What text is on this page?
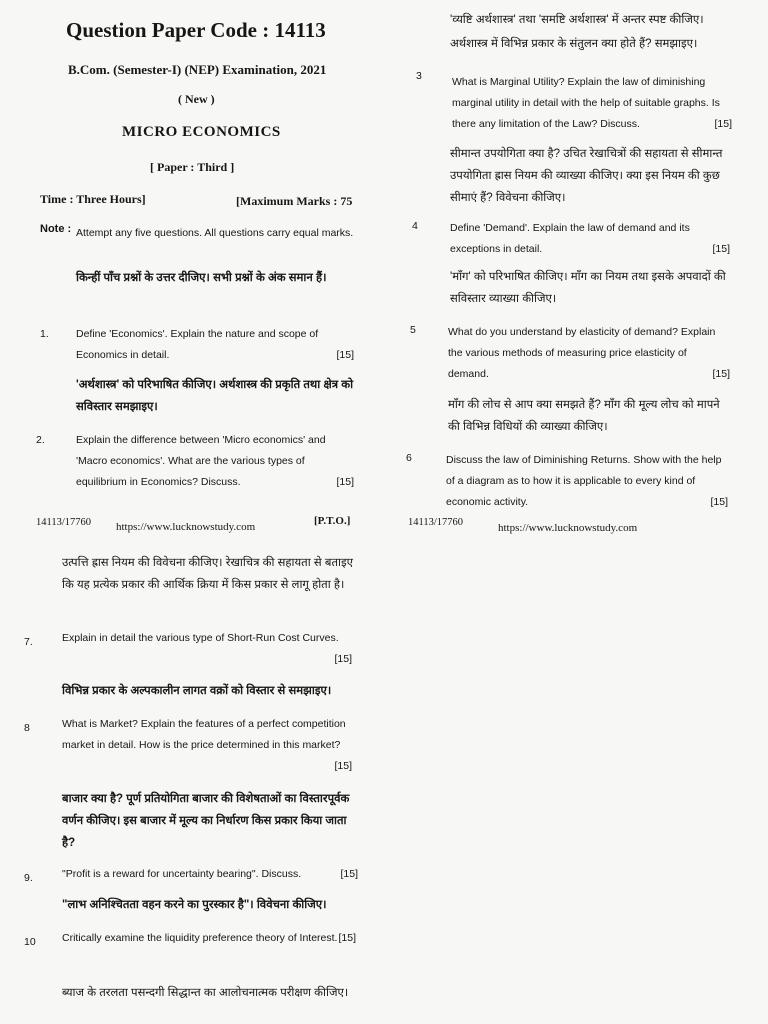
Question Paper Code : 14113
B.Com. (Semester-I) (NEP) Examination, 2021
( New )
MICRO ECONOMICS
[ Paper : Third ]
Time : Three Hours]	[Maximum Marks : 75
Note : Attempt any five questions. All questions carry equal marks.
किन्हीं पाँच प्रश्नों के उत्तर दीजिए। सभी प्रश्नों के अंक समान हैं।
1.	Define 'Economics'. Explain the nature and scope of Economics in detail.	[15]
'अर्थशास्त्र' को परिभाषित कीजिए। अर्थशास्त्र की प्रकृति तथा क्षेत्र को सविस्तार समझाइए।
2.	Explain the difference between 'Micro economics' and 'Macro economics'. What are the various types of equilibrium in Economics? Discuss.	[15]
14113/17760 https://www.lucknowstudy.com	[P.T.O.]
'व्यष्टि अर्थशास्त्र' तथा 'समष्टि अर्थशास्त्र' में अन्तर स्पष्ट कीजिए। अर्थशास्त्र में विभिन्न प्रकार के संतुलन क्या होते हैं? समझाइए।
3	What is Marginal Utility? Explain the law of diminishing marginal utility in detail with the help of suitable graphs. Is there any limitation of the Law? Discuss.	[15]
सीमान्त उपयोगिता क्या है? उचित रेखाचित्रों की सहायता से सीमान्त उपयोगिता ह्रास नियम की व्याख्या कीजिए। क्या इस नियम की कुछ सीमाएं हैं? विवेचना कीजिए।
4	Define 'Demand'. Explain the law of demand and its exceptions in detail.	[15]
'माँग' को परिभाषित कीजिए। माँग का नियम तथा इसके अपवादों की सविस्तार व्याख्या कीजिए।
5	What do you understand by elasticity of demand? Explain the various methods of measuring price elasticity of demand.	[15]
माँग की लोच से आप क्या समझते हैं? माँग की मूल्य लोच को मापने की विभिन्न विधियों की व्याख्या कीजिए।
6	Discuss the law of Diminishing Returns. Show with the help of a diagram as to how it is applicable to every kind of economic activity.	[15]
14113/17760	https://www.lucknowstudy.com
उत्पत्ति ह्रास नियम की विवेचना कीजिए। रेखाचित्र की सहायता से बताइए कि यह प्रत्येक प्रकार की आर्थिक क्रिया में किस प्रकार से लागू होता है।
7.	Explain in detail the various type of Short-Run Cost Curves.
[15]
विभिन्न प्रकार के अल्पकालीन लागत वक्रों को विस्तार से समझाइए।
8	What is Market? Explain the features of a perfect competition market in detail. How is the price determined in this market?
[15]
बाजार क्या है? पूर्ण प्रतियोगिता बाजार की विशेषताओं का विस्तारपूर्वक वर्णन कीजिए। इस बाजार में मूल्य का निर्धारण किस प्रकार किया जाता है?
9.	"Profit is a reward for uncertainty bearing". Discuss.	[15]
"लाभ अनिश्चितता वहन करने का पुरस्कार है"। विवेचना कीजिए।
10	Critically examine the liquidity preference theory of Interest. [15]
ब्याज के तरलता पसन्दगी सिद्धान्त का आलोचनात्मक परीक्षण कीजिए।
